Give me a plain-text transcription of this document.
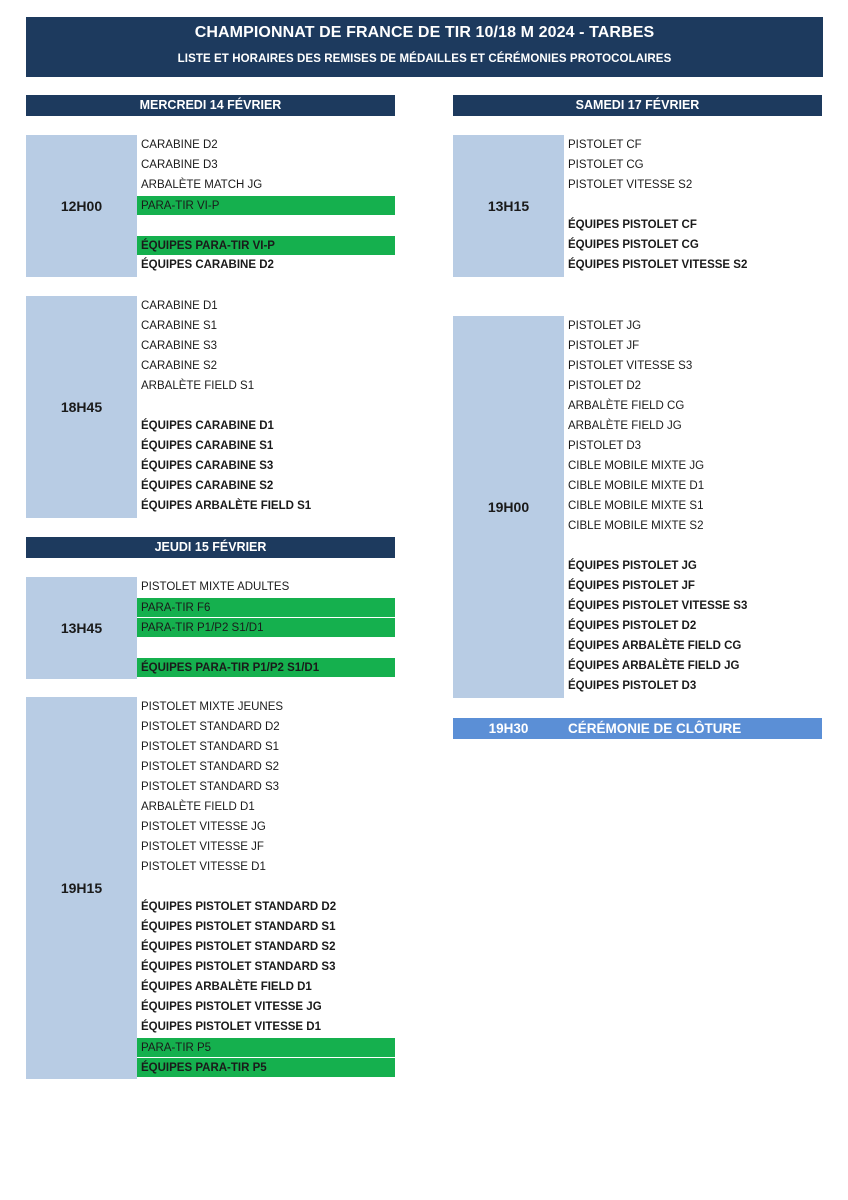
CHAMPIONNAT DE FRANCE DE TIR 10/18 M 2024 - TARBES
LISTE ET HORAIRES DES REMISES DE MÉDAILLES ET CÉRÉMONIES PROTOCOLAIRES
MERCREDI 14 FÉVRIER
12H00
CARABINE D2
CARABINE D3
ARBALÈTE MATCH JG
PARA-TIR VI-P
ÉQUIPES PARA-TIR VI-P
ÉQUIPES CARABINE D2
18H45
CARABINE D1
CARABINE S1
CARABINE S3
CARABINE S2
ARBALÈTE FIELD S1
ÉQUIPES CARABINE D1
ÉQUIPES CARABINE S1
ÉQUIPES CARABINE S3
ÉQUIPES CARABINE S2
ÉQUIPES ARBALÈTE FIELD S1
JEUDI 15 FÉVRIER
13H45
PISTOLET MIXTE ADULTES
PARA-TIR F6
PARA-TIR P1/P2 S1/D1
ÉQUIPES PARA-TIR P1/P2 S1/D1
19H15
PISTOLET MIXTE JEUNES
PISTOLET STANDARD D2
PISTOLET STANDARD S1
PISTOLET STANDARD S2
PISTOLET STANDARD S3
ARBALÈTE FIELD D1
PISTOLET VITESSE JG
PISTOLET VITESSE JF
PISTOLET VITESSE D1
ÉQUIPES PISTOLET STANDARD D2
ÉQUIPES PISTOLET STANDARD S1
ÉQUIPES PISTOLET STANDARD S2
ÉQUIPES PISTOLET STANDARD S3
ÉQUIPES ARBALÈTE FIELD D1
ÉQUIPES PISTOLET VITESSE JG
ÉQUIPES PISTOLET VITESSE D1
PARA-TIR P5
ÉQUIPES PARA-TIR P5
SAMEDI 17 FÉVRIER
13H15
PISTOLET CF
PISTOLET CG
PISTOLET VITESSE S2
ÉQUIPES PISTOLET CF
ÉQUIPES PISTOLET CG
ÉQUIPES PISTOLET VITESSE S2
19H00
PISTOLET JG
PISTOLET JF
PISTOLET VITESSE S3
PISTOLET D2
ARBALÈTE FIELD CG
ARBALÈTE FIELD JG
PISTOLET D3
CIBLE MOBILE MIXTE JG
CIBLE MOBILE MIXTE D1
CIBLE MOBILE MIXTE S1
CIBLE MOBILE MIXTE S2
ÉQUIPES PISTOLET JG
ÉQUIPES PISTOLET JF
ÉQUIPES PISTOLET VITESSE S3
ÉQUIPES PISTOLET D2
ÉQUIPES ARBALÈTE FIELD CG
ÉQUIPES ARBALÈTE FIELD JG
ÉQUIPES PISTOLET D3
19H30	CÉRÉMONIE DE CLÔTURE
